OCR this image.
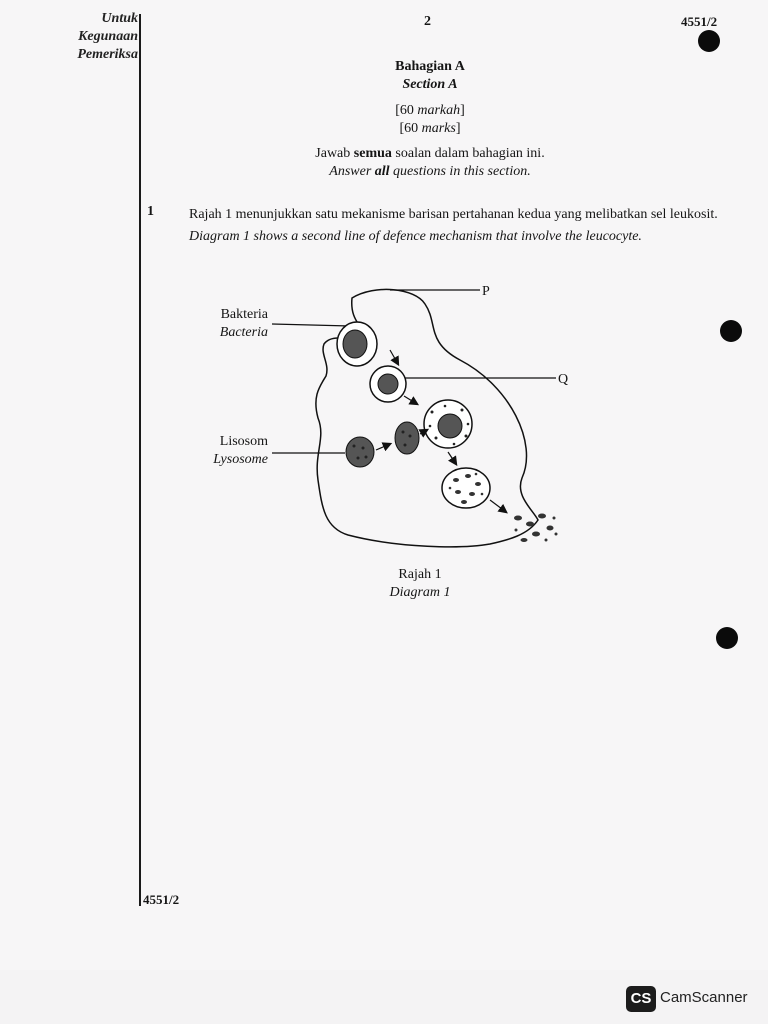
Untuk
Kegunaan
Pemeriksa
2	4551/2
4551/2
Bahagian A
Section A
[60 markah]
[60 marks]
Jawab semua soalan dalam bahagian ini.
Answer all questions in this section.
1	Rajah 1 menunjukkan satu mekanisme barisan pertahanan kedua yang melibatkan sel leukosit.

Diagram 1 shows a second line of defence mechanism that involve the leucocyte.

Bakteria
Bacteria
Lisosom
Lysosome
P
Q
Rajah 1
Diagram 1
CS CamScanner
